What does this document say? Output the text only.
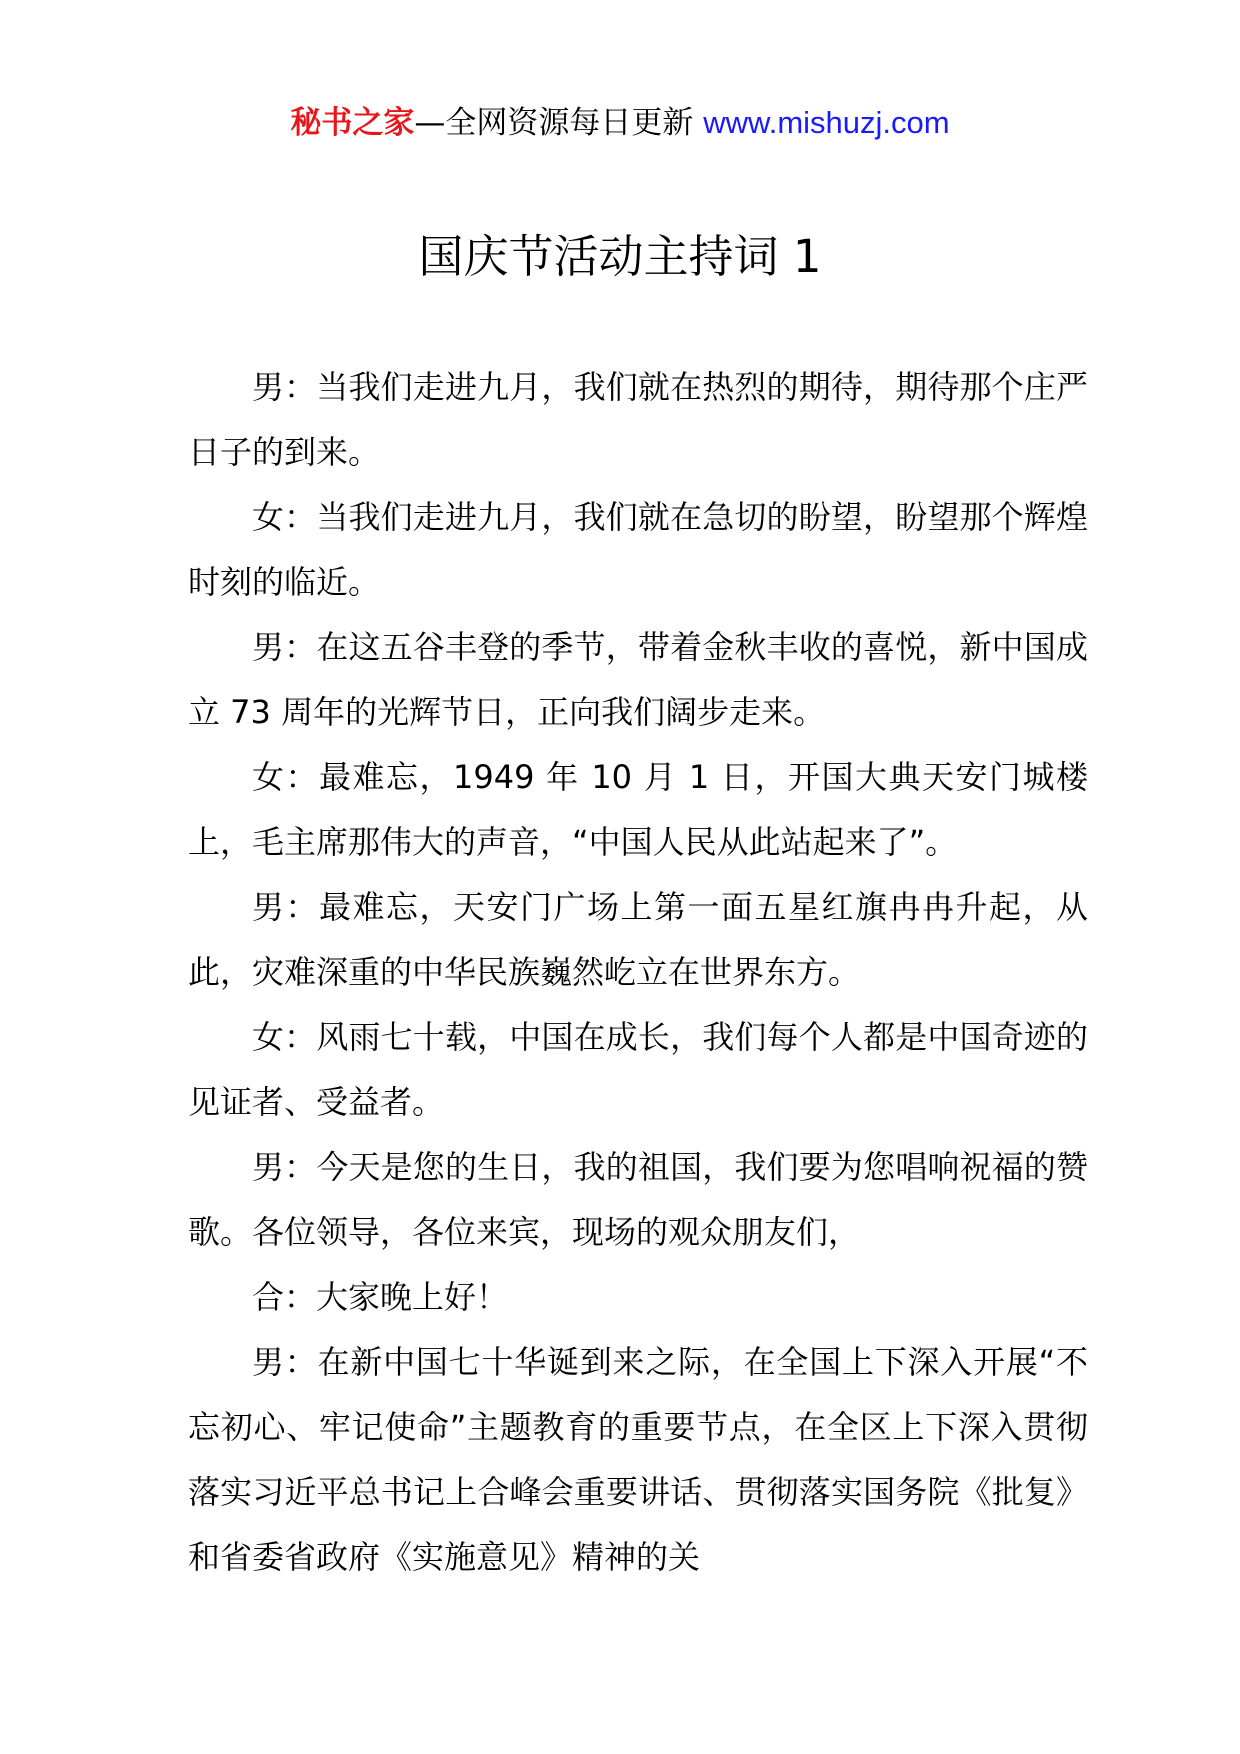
秘书之家—全网资源每日更新 www.mishuzj.com
国庆节活动主持词 1

男：当我们走进九月，我们就在热烈的期待，期待那个庄严日子的到来。

女：当我们走进九月，我们就在急切的盼望，盼望那个辉煌时刻的临近。

男：在这五谷丰登的季节，带着金秋丰收的喜悦，新中国成立 73 周年的光辉节日，正向我们阔步走来。

女：最难忘，1949 年 10 月 1 日，开国大典天安门城楼上，毛主席那伟大的声音，“中国人民从此站起来了”。

男：最难忘，天安门广场上第一面五星红旗冉冉升起，从此，灾难深重的中华民族巍然屹立在世界东方。

女：风雨七十载，中国在成长，我们每个人都是中国奇迹的见证者、受益者。

男：今天是您的生日，我的祖国，我们要为您唱响祝福的赞歌。各位领导，各位来宾，现场的观众朋友们，

合：大家晚上好！

男：在新中国七十华诞到来之际，在全国上下深入开展“不忘初心、牢记使命”主题教育的重要节点，在全区上下深入贯彻落实习近平总书记上合峰会重要讲话、贯彻落实国务院《批复》和省委省政府《实施意见》精神的关
